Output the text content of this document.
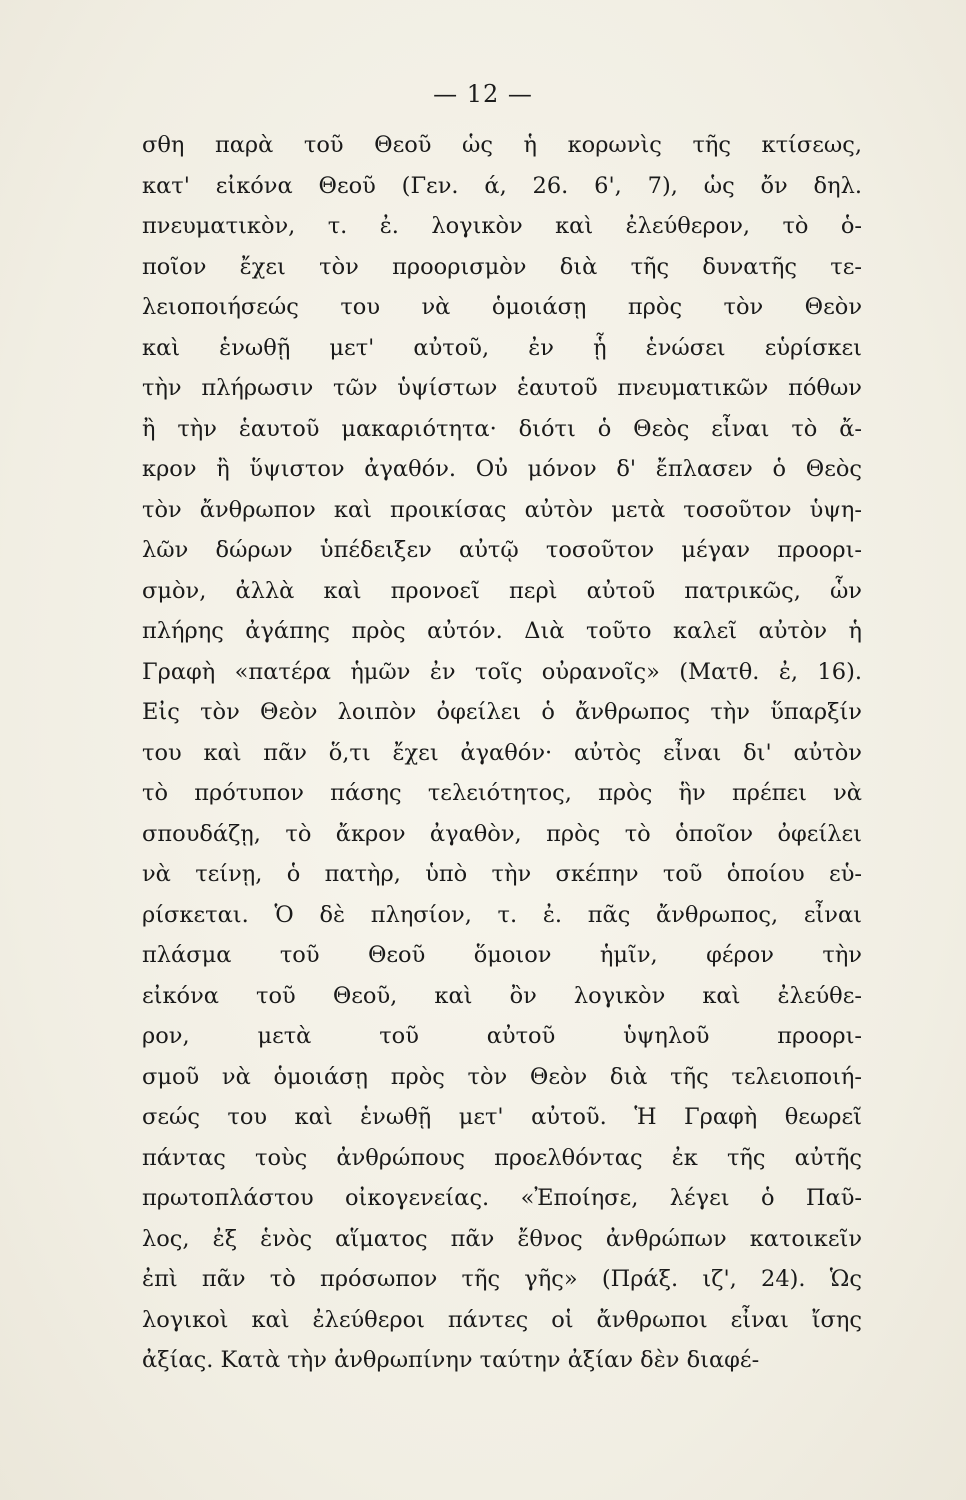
— 12 —
σθη παρὰ τοῦ Θεοῦ ὡς ἡ κορωνὶς τῆς κτίσεως,
κατ' εἰκόνα Θεοῦ (Γεν. ά, 26. 6', 7), ὡς ὄν δηλ.
πνευματικὸν, τ. ἐ. λογικὸν καὶ ἐλεύθερον, τὸ ὁ-
ποῖον ἔχει τὸν προορισμὸν διὰ τῆς δυνατῆς τε-
λειοποιήσεώς του νὰ ὁμοιάσῃ πρὸς τὸν Θεὸν
καὶ ἑνωθῇ μετ' αὐτοῦ, ἐν ᾗ ἑνώσει εὑρίσκει
τὴν πλήρωσιν τῶν ὑψίστων ἑαυτοῦ πνευματικῶν πόθων
ἢ τὴν ἑαυτοῦ μακαριότητα· διότι ὁ Θεὸς εἶναι τὸ ἄ-
κρον ἢ ὕψιστον ἀγαθόν. Οὐ μόνον δ' ἔπλασεν ὁ Θεὸς
τὸν ἄνθρωπον καὶ προικίσας αὐτὸν μετὰ τοσοῦτον ὑψη-
λῶν δώρων ὑπέδειξεν αὐτῷ τοσοῦτον μέγαν προορι-
σμὸν, ἀλλὰ καὶ προνοεῖ περὶ αὐτοῦ πατρικῶς, ὧν
πλήρης ἀγάπης πρὸς αὐτόν. Διὰ τοῦτο καλεῖ αὐτὸν ἡ
Γραφὴ «πατέρα ἡμῶν ἐν τοῖς οὐρανοῖς» (Ματθ. ἐ, 16).
Εἰς τὸν Θεὸν λοιπὸν ὀφείλει ὁ ἄνθρωπος τὴν ὕπαρξίν
του καὶ πᾶν ὅ,τι ἔχει ἀγαθόν· αὐτὸς εἶναι δι' αὐτὸν
τὸ πρότυπον πάσης τελειότητος, πρὸς ἣν πρέπει νὰ
σπουδάζῃ, τὸ ἄκρον ἀγαθὸν, πρὸς τὸ ὁποῖον ὀφείλει
νὰ τείνῃ, ὁ πατὴρ, ὑπὸ τὴν σκέπην τοῦ ὁποίου εὑ-
ρίσκεται. Ὁ δὲ πλησίον, τ. ἐ. πᾶς ἄνθρωπος, εἶναι
πλάσμα τοῦ Θεοῦ ὅμοιον ἡμῖν, φέρον τὴν
εἰκόνα τοῦ Θεοῦ, καὶ ὂν λογικὸν καὶ ἐλεύθε-
ρον, μετὰ τοῦ αὐτοῦ ὑψηλοῦ προορι-
σμοῦ νὰ ὁμοιάσῃ πρὸς τὸν Θεὸν διὰ τῆς τελειοποιή-
σεώς του καὶ ἑνωθῇ μετ' αὐτοῦ. Ἡ Γραφὴ θεωρεῖ
πάντας τοὺς ἀνθρώπους προελθόντας ἐκ τῆς αὐτῆς
πρωτοπλάστου οἰκογενείας. «Ἐποίησε, λέγει ὁ Παῦ-
λος, ἐξ ἑνὸς αἵματος πᾶν ἔθνος ἀνθρώπων κατοικεῖν
ἐπὶ πᾶν τὸ πρόσωπον τῆς γῆς» (Πράξ. ιζ', 24). Ὡς
λογικοὶ καὶ ἐλεύθεροι πάντες οἱ ἄνθρωποι εἶναι ἴσης
ἀξίας. Κατὰ τὴν ἀνθρωπίνην ταύτην ἀξίαν δὲν διαφέ-
